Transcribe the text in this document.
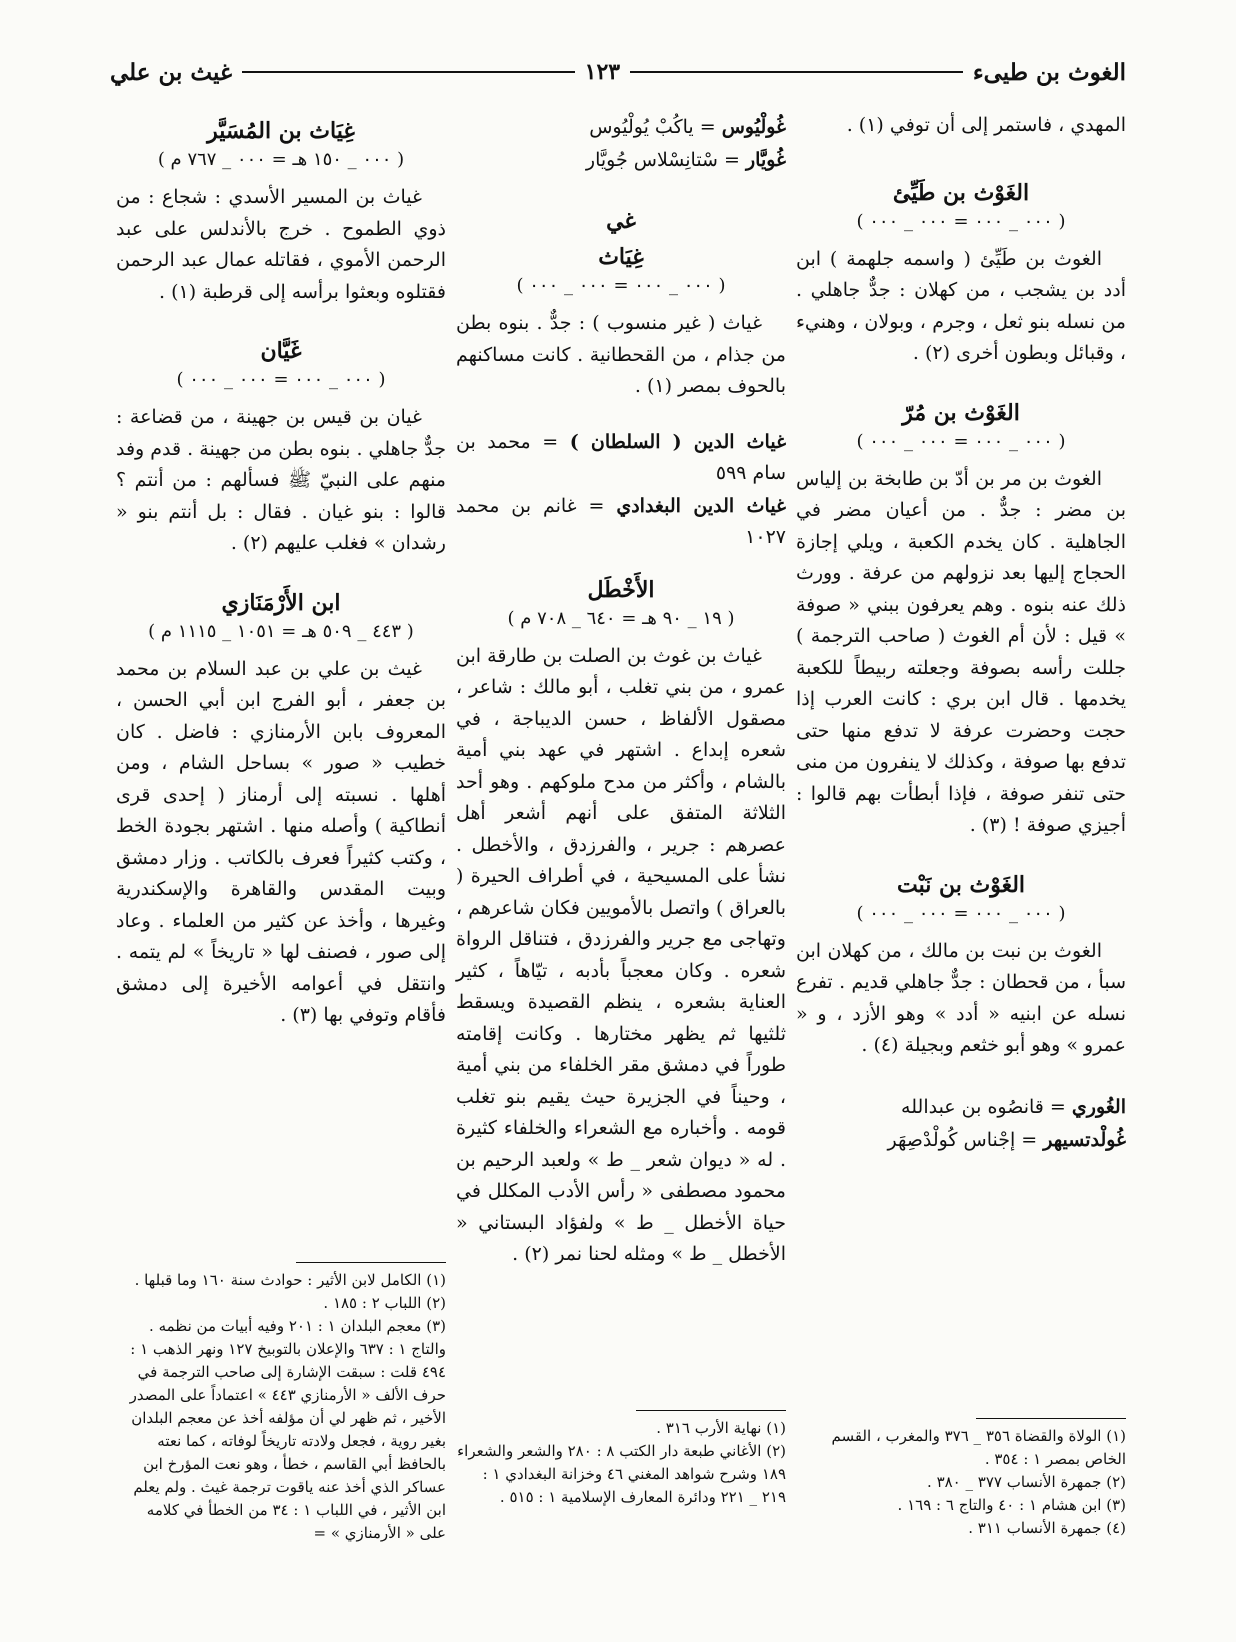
الغوث بن طيىء
١٢٣
غيث بن علي

المهدي ، فاستمر إلى أن توفي (١) .

الغَوْث بن طَيِّئ
( ٠٠٠ _ ٠٠٠ = ٠٠٠ _ ٠٠٠ )

الغوث بن طَيِّئ ( واسمه جلهمة ) ابن أدد بن يشجب ، من كهلان : جدٌّ جاهلي . من نسله بنو ثعل ، وجرم ، وبولان ، وهنيء ، وقبائل وبطون أخرى (٢) .

الغَوْث بن مُرّ
( ٠٠٠ _ ٠٠٠ = ٠٠٠ _ ٠٠٠ )

الغوث بن مر بن أدّ بن طابخة بن إلياس بن مضر : جدٌّ . من أعيان مضر في الجاهلية . كان يخدم الكعبة ، ويلي إجازة الحجاج إليها بعد نزولهم من عرفة . وورث ذلك عنه بنوه . وهم يعرفون ببني « صوفة » قيل : لأن أم الغوث ( صاحب الترجمة ) جللت رأسه بصوفة وجعلته ربيطاً للكعبة يخدمها . قال ابن بري : كانت العرب إذا حجت وحضرت عرفة لا تدفع منها حتى تدفع بها صوفة ، وكذلك لا ينفرون من منى حتى تنفر صوفة ، فإذا أبطأت بهم قالوا : أجيزي صوفة ! (٣) .

الغَوْث بن نَبْت
( ٠٠٠ _ ٠٠٠ = ٠٠٠ _ ٠٠٠ )

الغوث بن نبت بن مالك ، من كهلان ابن سبأ ، من قحطان : جدٌّ جاهلي قديم . تفرع نسله عن ابنيه « أدد » وهو الأزد ، و « عمرو » وهو أبو خثعم وبجيلة (٤) .

الغُوري = قانصُوه بن عبدالله
غُولْدتسيهر = إجْناس كُولْدْصِهَر
غُولْيُوس = ياكُبْ يُولْيُوس
غُويَّار = سْتانِسْلاس جُويَّار
غي
غِيَاث
( ٠٠٠ _ ٠٠٠ = ٠٠٠ _ ٠٠٠ )

غياث ( غير منسوب ) : جدٌّ . بنوه بطن من جذام ، من القحطانية . كانت مساكنهم بالحوف بمصر (١) .

غياث الدين ( السلطان ) = محمد بن سام ٥٩٩
غياث الدين البغدادي = غانم بن محمد ١٠٢٧
الأَخْطَل
( ١٩ _ ٩٠ هـ = ٦٤٠ _ ٧٠٨ م )

غياث بن غوث بن الصلت بن طارقة ابن عمرو ، من بني تغلب ، أبو مالك : شاعر ، مصقول الألفاظ ، حسن الديباجة ، في شعره إبداع . اشتهر في عهد بني أمية بالشام ، وأكثر من مدح ملوكهم . وهو أحد الثلاثة المتفق على أنهم أشعر أهل عصرهم : جرير ، والفرزدق ، والأخطل . نشأ على المسيحية ، في أطراف الحيرة ( بالعراق ) واتصل بالأمويين فكان شاعرهم ، وتهاجى مع جرير والفرزدق ، فتناقل الرواة شعره . وكان معجباً بأدبه ، تيّاهاً ، كثير العناية بشعره ، ينظم القصيدة ويسقط ثلثيها ثم يظهر مختارها . وكانت إقامته طوراً في دمشق مقر الخلفاء من بني أمية ، وحيناً في الجزيرة حيث يقيم بنو تغلب قومه . وأخباره مع الشعراء والخلفاء كثيرة . له « ديوان شعر _ ط » ولعبد الرحيم بن محمود مصطفى « رأس الأدب المكلل في حياة الأخطل _ ط » ولفؤاد البستاني « الأخطل _ ط » ومثله لحنا نمر (٢) .

غِيَاث بن المُسَيَّر
( ٠٠٠ _ ١٥٠ هـ = ٠٠٠ _ ٧٦٧ م )

غياث بن المسير الأسدي : شجاع : من ذوي الطموح . خرج بالأندلس على عبد الرحمن الأموي ، فقاتله عمال عبد الرحمن فقتلوه وبعثوا برأسه إلى قرطبة (١) .

غَيَّان
( ٠٠٠ _ ٠٠٠ = ٠٠٠ _ ٠٠٠ )

غيان بن قيس بن جهينة ، من قضاعة : جدٌّ جاهلي . بنوه بطن من جهينة . قدم وفد منهم على النبيّ ﷺ فسألهم : من أنتم ؟ قالوا : بنو غيان . فقال : بل أنتم بنو « رشدان » فغلب عليهم (٢) .

ابن الأَرْمَنَازي
( ٤٤٣ _ ٥٠٩ هـ = ١٠٥١ _ ١١١٥ م )

غيث بن علي بن عبد السلام بن محمد بن جعفر ، أبو الفرج ابن أبي الحسن ، المعروف بابن الأرمنازي : فاضل . كان خطيب « صور » بساحل الشام ، ومن أهلها . نسبته إلى أرمناز ( إحدى قرى أنطاكية ) وأصله منها . اشتهر بجودة الخط ، وكتب كثيراً فعرف بالكاتب . وزار دمشق وبيت المقدس والقاهرة والإسكندرية وغيرها ، وأخذ عن كثير من العلماء . وعاد إلى صور ، فصنف لها « تاريخاً » لم يتمه . وانتقل في أعوامه الأخيرة إلى دمشق فأقام وتوفي بها (٣) .

(١) الولاة والقضاة ٣٥٦ _ ٣٧٦ والمغرب ، القسم الخاص بمصر ١ : ٣٥٤ .

(٢) جمهرة الأنساب ٣٧٧ _ ٣٨٠ .

(٣) ابن هشام ١ : ٤٠ والتاج ٦ : ١٦٩ .

(٤) جمهرة الأنساب ٣١١ .

(١) نهاية الأرب ٣١٦ .

(٢) الأغاني طبعة دار الكتب ٨ : ٢٨٠ والشعر والشعراء ١٨٩ وشرح شواهد المغني ٤٦ وخزانة البغدادي ١ : ٢١٩ _ ٢٢١ ودائرة المعارف الإسلامية ١ : ٥١٥ .

(١) الكامل لابن الأثير : حوادث سنة ١٦٠ وما قبلها .

(٢) اللباب ٢ : ١٨٥ .

(٣) معجم البلدان ١ : ٢٠١ وفيه أبيات من نظمه . والتاج ١ : ٦٣٧ والإعلان بالتوبيخ ١٢٧ ونهر الذهب ١ : ٤٩٤ قلت : سبقت الإشارة إلى صاحب الترجمة في حرف الألف « الأرمنازي ٤٤٣ » اعتماداً على المصدر الأخير ، ثم ظهر لي أن مؤلفه أخذ عن معجم البلدان بغير روية ، فجعل ولادته تاريخاً لوفاته ، كما نعته بالحافظ أبي القاسم ، خطأ ، وهو نعت المؤرخ ابن عساكر الذي أخذ عنه ياقوت ترجمة غيث . ولم يعلم ابن الأثير ، في اللباب ١ : ٣٤ من الخطأ في كلامه على « الأرمنازي » =
